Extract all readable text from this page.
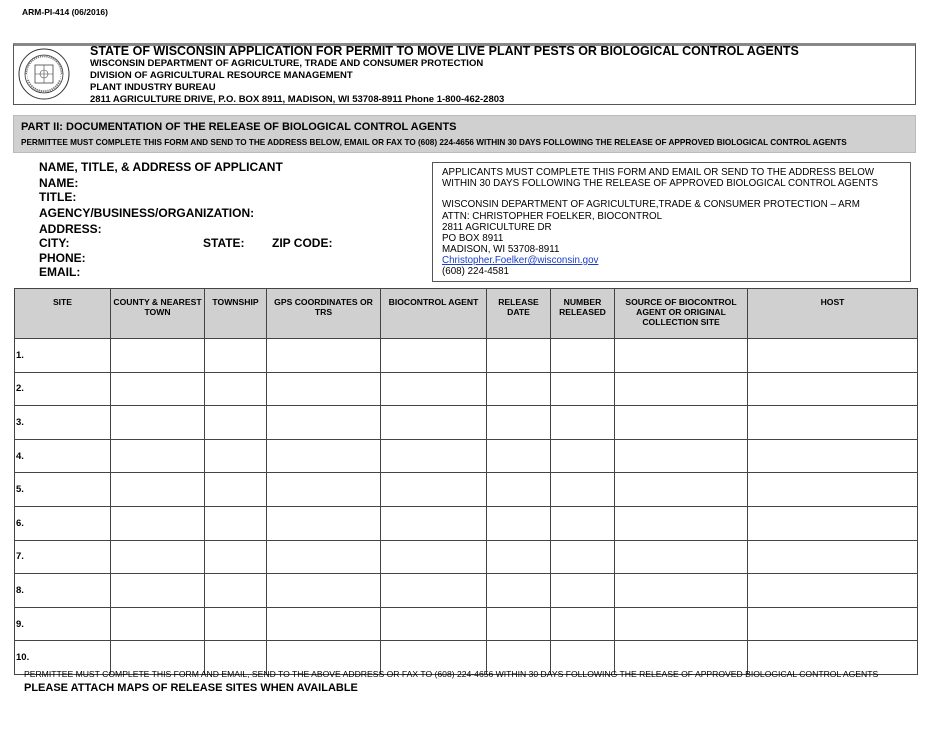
ARM-PI-414 (06/2016)
STATE OF WISCONSIN APPLICATION FOR PERMIT TO MOVE LIVE PLANT PESTS OR BIOLOGICAL CONTROL AGENTS
WISCONSIN DEPARTMENT OF AGRICULTURE, TRADE AND CONSUMER PROTECTION
DIVISION OF AGRICULTURAL RESOURCE MANAGEMENT
PLANT INDUSTRY BUREAU
2811 AGRICULTURE DRIVE, P.O. BOX 8911, MADISON, WI 53708-8911 Phone 1-800-462-2803
PART II: DOCUMENTATION OF THE RELEASE OF BIOLOGICAL CONTROL AGENTS
PERMITTEE MUST COMPLETE THIS FORM AND SEND TO THE ADDRESS BELOW, EMAIL OR FAX TO (608) 224-4656 WITHIN 30 DAYS FOLLOWING THE RELEASE OF APPROVED BIOLOGICAL CONTROL AGENTS
NAME, TITLE, & ADDRESS OF APPLICANT
NAME:
TITLE:
AGENCY/BUSINESS/ORGANIZATION:
ADDRESS:
CITY:	STATE: ZIP CODE:
PHONE:
EMAIL:
APPLICANTS MUST COMPLETE THIS FORM AND EMAIL OR SEND TO THE ADDRESS BELOW
WITHIN 30 DAYS FOLLOWING THE RELEASE OF APPROVED BIOLOGICAL CONTROL AGENTS
WISCONSIN DEPARTMENT OF AGRICULTURE,TRADE & CONSUMER PROTECTION – ARM
ATTN: CHRISTOPHER FOELKER, BIOCONTROL
2811 AGRICULTURE DR
PO BOX 8911
MADISON, WI 53708-8911
Christopher.Foelker@wisconsin.gov
(608) 224-4581
SITE	COUNTY & NEAREST TOWN	TOWNSHIP	GPS COORDINATES OR TRS	BIOCONTROL AGENT	RELEASE DATE	NUMBER RELEASED	SOURCE OF BIOCONTROL AGENT OR ORIGINAL COLLECTION SITE	HOST
1.								
2.								
3.								
4.								
5.								
6.								
7.								
8.								
9.								
10.								
PERMITTEE MUST COMPLETE THIS FORM AND EMAIL, SEND TO THE ABOVE ADDRESS OR FAX TO (608) 224-4656 WITHIN 30 DAYS FOLLOWING THE RELEASE OF APPROVED BIOLOGICAL CONTROL AGENTS
PLEASE ATTACH MAPS OF RELEASE SITES WHEN AVAILABLE
